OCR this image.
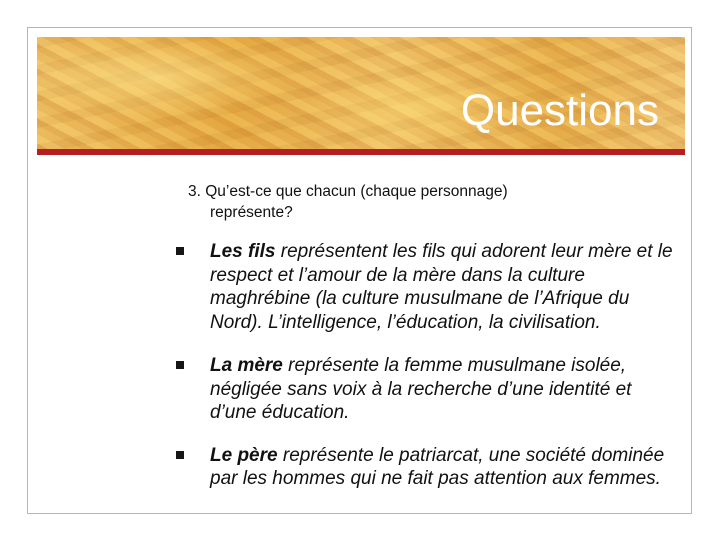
Questions
3. Qu’est-ce que chacun (chaque personnage)
représente?
Les fils représentent les fils qui adorent leur mère et le respect et l’amour de la mère dans la culture maghrébine (la culture musulmane de l’Afrique du Nord). L’intelligence, l’éducation, la civilisation.
La mère représente la femme musulmane isolée, négligée sans voix à la recherche d’une identité et d’une éducation.
Le père représente le patriarcat, une société dominée par les hommes qui ne fait pas attention aux femmes.
